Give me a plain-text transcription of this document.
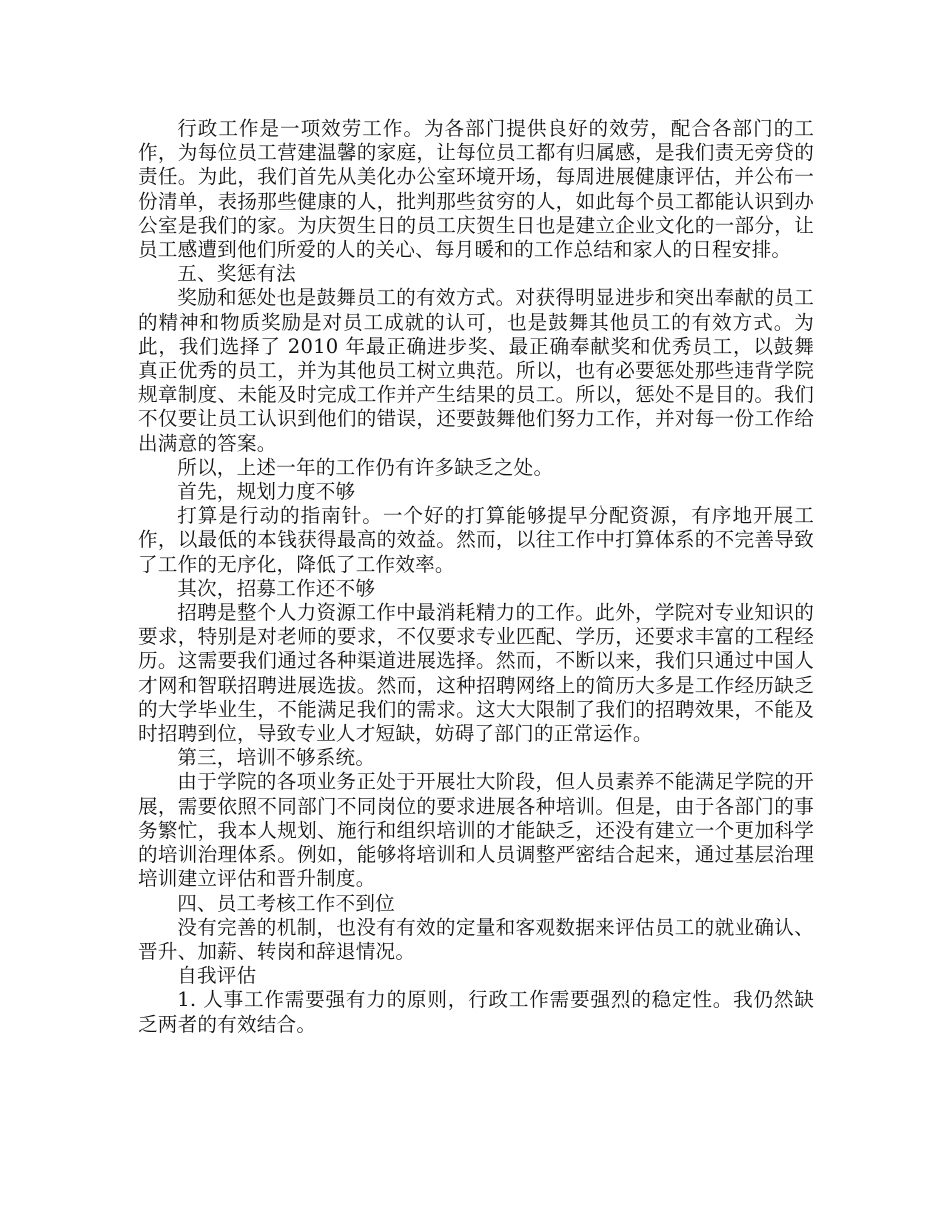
行政工作是一项效劳工作。为各部门提供良好的效劳，配合各部门的工作，为每位员工营建温馨的家庭，让每位员工都有归属感，是我们责无旁贷的责任。为此，我们首先从美化办公室环境开场，每周进展健康评估，并公布一份清单，表扬那些健康的人，批判那些贫穷的人，如此每个员工都能认识到办公室是我们的家。为庆贺生日的员工庆贺生日也是建立企业文化的一部分，让员工感遭到他们所爱的人的关心、每月暖和的工作总结和家人的日程安排。

五、奖惩有法

奖励和惩处也是鼓舞员工的有效方式。对获得明显进步和突出奉献的员工的精神和物质奖励是对员工成就的认可，也是鼓舞其他员工的有效方式。为此，我们选择了 2010 年最正确进步奖、最正确奉献奖和优秀员工，以鼓舞真正优秀的员工，并为其他员工树立典范。所以，也有必要惩处那些违背学院规章制度、未能及时完成工作并产生结果的员工。所以，惩处不是目的。我们不仅要让员工认识到他们的错误，还要鼓舞他们努力工作，并对每一份工作给出满意的答案。

所以，上述一年的工作仍有许多缺乏之处。

首先，规划力度不够

打算是行动的指南针。一个好的打算能够提早分配资源，有序地开展工作，以最低的本钱获得最高的效益。然而，以往工作中打算体系的不完善导致了工作的无序化，降低了工作效率。

其次，招募工作还不够

招聘是整个人力资源工作中最消耗精力的工作。此外，学院对专业知识的要求，特别是对老师的要求，不仅要求专业匹配、学历，还要求丰富的工程经历。这需要我们通过各种渠道进展选择。然而，不断以来，我们只通过中国人才网和智联招聘进展选拔。然而，这种招聘网络上的简历大多是工作经历缺乏的大学毕业生，不能满足我们的需求。这大大限制了我们的招聘效果，不能及时招聘到位，导致专业人才短缺，妨碍了部门的正常运作。

第三，培训不够系统。

由于学院的各项业务正处于开展壮大阶段，但人员素养不能满足学院的开展，需要依照不同部门不同岗位的要求进展各种培训。但是，由于各部门的事务繁忙，我本人规划、施行和组织培训的才能缺乏，还没有建立一个更加科学的培训治理体系。例如，能够将培训和人员调整严密结合起来，通过基层治理培训建立评估和晋升制度。

四、员工考核工作不到位

没有完善的机制，也没有有效的定量和客观数据来评估员工的就业确认、晋升、加薪、转岗和辞退情况。

自我评估

1. 人事工作需要强有力的原则，行政工作需要强烈的稳定性。我仍然缺乏两者的有效结合。
